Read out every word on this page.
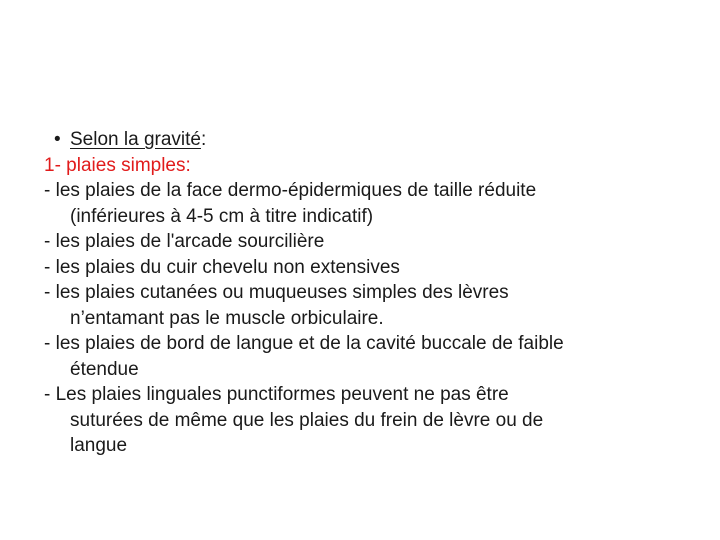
• Selon la gravité:
1- plaies simples:
- les plaies de la face dermo-épidermiques de taille réduite
(inférieures à 4-5 cm à titre indicatif)
- les plaies de l'arcade sourcilière
- les plaies du cuir chevelu non extensives
- les plaies cutanées ou muqueuses simples des lèvres
n’entamant pas le muscle orbiculaire.
- les plaies de bord de langue et de la cavité buccale de faible
étendue
- Les plaies linguales punctiformes peuvent ne pas être
suturées de même que les plaies du frein de lèvre ou de
langue
